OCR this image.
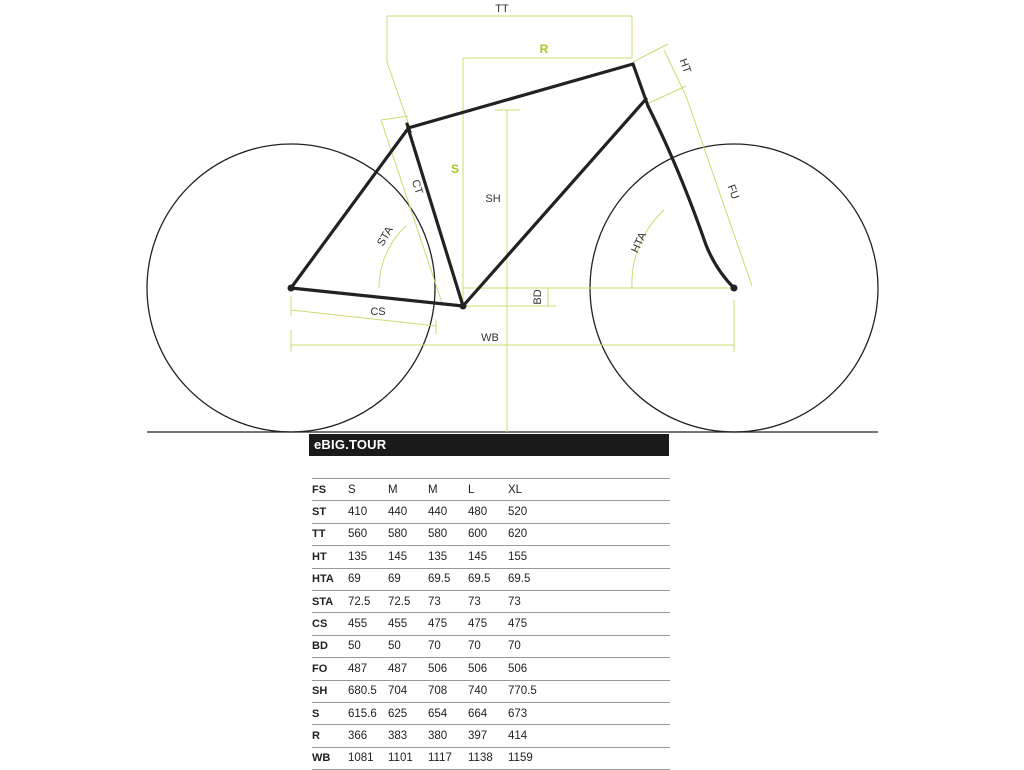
TT
R
HT
S
SH
CT
STA	HTA
FU
BD
CS
WB
eBIG.TOUR
FS	S	M	M	L	XL	
ST	410	440	440	480	520	
TT	560	580	580	600	620	
HT	135	145	135	145	155	
HTA	69	69	69.5	69.5	69.5	
STA	72.5	72.5	73	73	73	
CS	455	455	475	475	475	
BD	50	50	70	70	70	
FO	487	487	506	506	506	
SH	680.5	704	708	740	770.5	
S	615.6	625	654	664	673	
R	366	383	380	397	414	
WB	1081	1101	1117	1138	1159	
